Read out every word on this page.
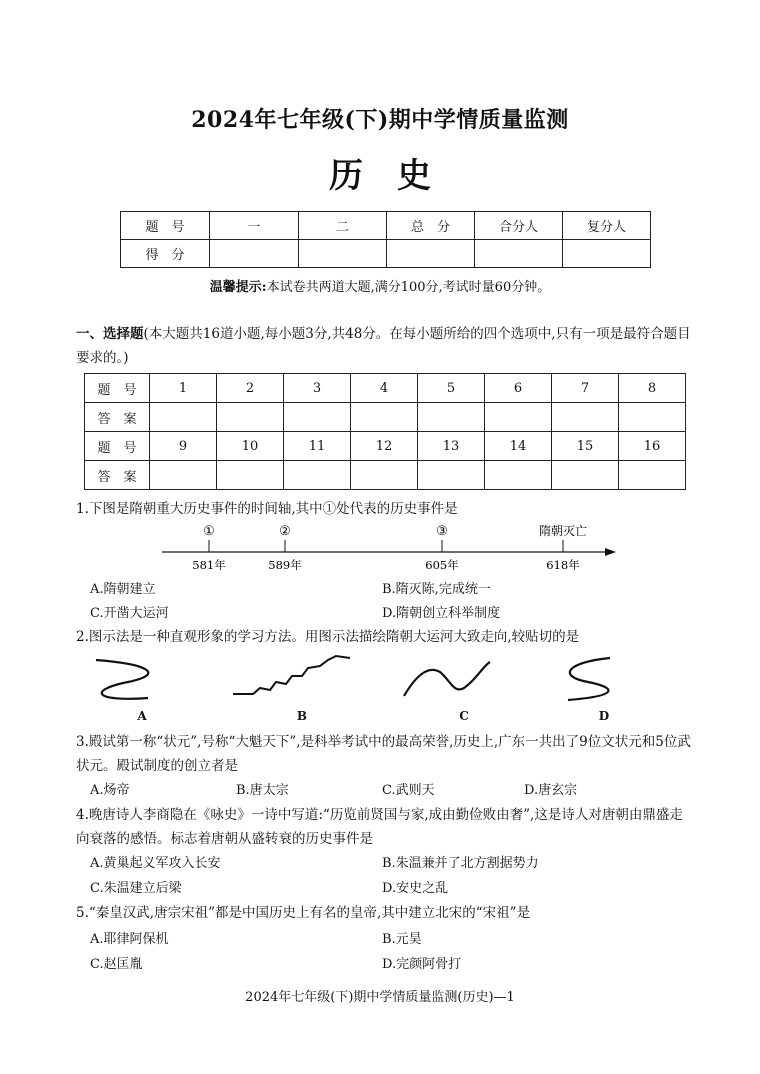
2024年七年级(下)期中学情质量监测
历史
题　号	一	二	总　分	合分人	复分人
得　分					
温馨提示:本试卷共两道大题,满分100分,考试时量60分钟。
一、选择题(本大题共16道小题,每小题3分,共48分。在每小题所给的四个选项中,只有一项是最符合题目要求的。)
题　号	1	2	3	4	5	6	7	8
答　案								
题　号	9	10	11	12	13	14	15	16
答　案								
1.下图是隋朝重大历史事件的时间轴,其中①处代表的历史事件是
①	②	③	隋朝灭亡
581年	589年	605年	618年
A.隋朝建立	B.隋灭陈,完成统一
C.开凿大运河	D.隋朝创立科举制度
2.图示法是一种直观形象的学习方法。用图示法描绘隋朝大运河大致走向,较贴切的是
A	B	C	D
3.殿试第一称“状元”,号称“大魁天下”,是科举考试中的最高荣誉,历史上,广东一共出了9位文状元和5位武状元。殿试制度的创立者是
A.炀帝	B.唐太宗	C.武则天	D.唐玄宗
4.晚唐诗人李商隐在《咏史》一诗中写道:“历览前贤国与家,成由勤俭败由奢”,这是诗人对唐朝由鼎盛走向衰落的感悟。标志着唐朝从盛转衰的历史事件是
A.黄巢起义军攻入长安	B.朱温兼并了北方割据势力
C.朱温建立后梁	D.安史之乱
5.“秦皇汉武,唐宗宋祖”都是中国历史上有名的皇帝,其中建立北宋的“宋祖”是
A.耶律阿保机	B.元昊
C.赵匡胤	D.完颜阿骨打
2024年七年级(下)期中学情质量监测(历史)—1
